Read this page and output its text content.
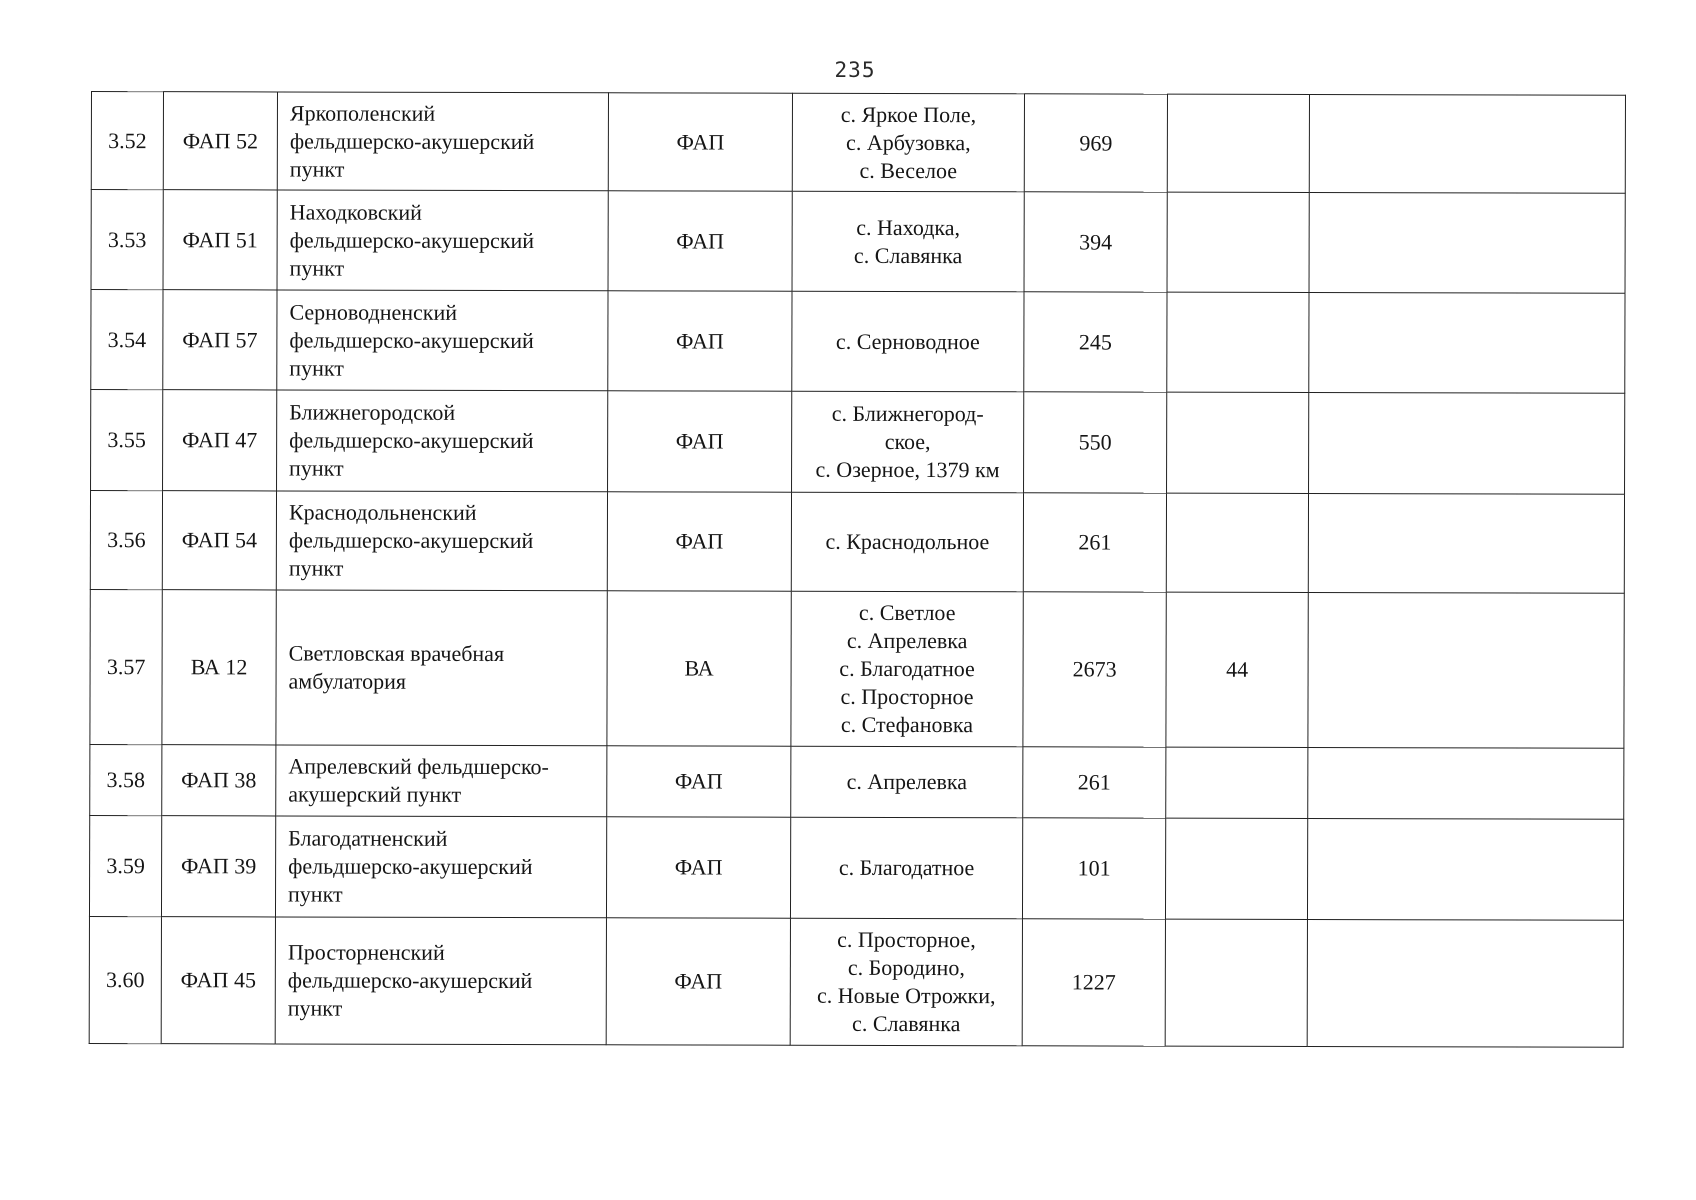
235
3.52	ФАП 52	Яркополенский
фельдшерско-акушерский
пункт	ФАП	с. Яркое Поле,
с. Арбузовка,
с. Веселое	969		
3.53	ФАП 51	Находковский
фельдшерско-акушерский
пункт	ФАП	с. Находка,
с. Славянка	394		
3.54	ФАП 57	Серноводненский
фельдшерско-акушерский
пункт	ФАП	с. Серноводное	245		
3.55	ФАП 47	Ближнегородской
фельдшерско-акушерский
пункт	ФАП	с. Ближнегород-
ское,
с. Озерное, 1379 км	550		
3.56	ФАП 54	Краснодольненский
фельдшерско-акушерский
пункт	ФАП	с. Краснодольное	261		
3.57	ВА 12	Светловская врачебная
амбулатория	ВА	с. Светлое
с. Апрелевка
с. Благодатное
с. Просторное
с. Стефановка	2673	44	
3.58	ФАП 38	Апрелевский фельдшерско-
акушерский пункт	ФАП	с. Апрелевка	261		
3.59	ФАП 39	Благодатненский
фельдшерско-акушерский
пункт	ФАП	с. Благодатное	101		
3.60	ФАП 45	Просторненский
фельдшерско-акушерский
пункт	ФАП	с. Просторное,
с. Бородино,
с. Новые Отрожки,
с. Славянка	1227		
